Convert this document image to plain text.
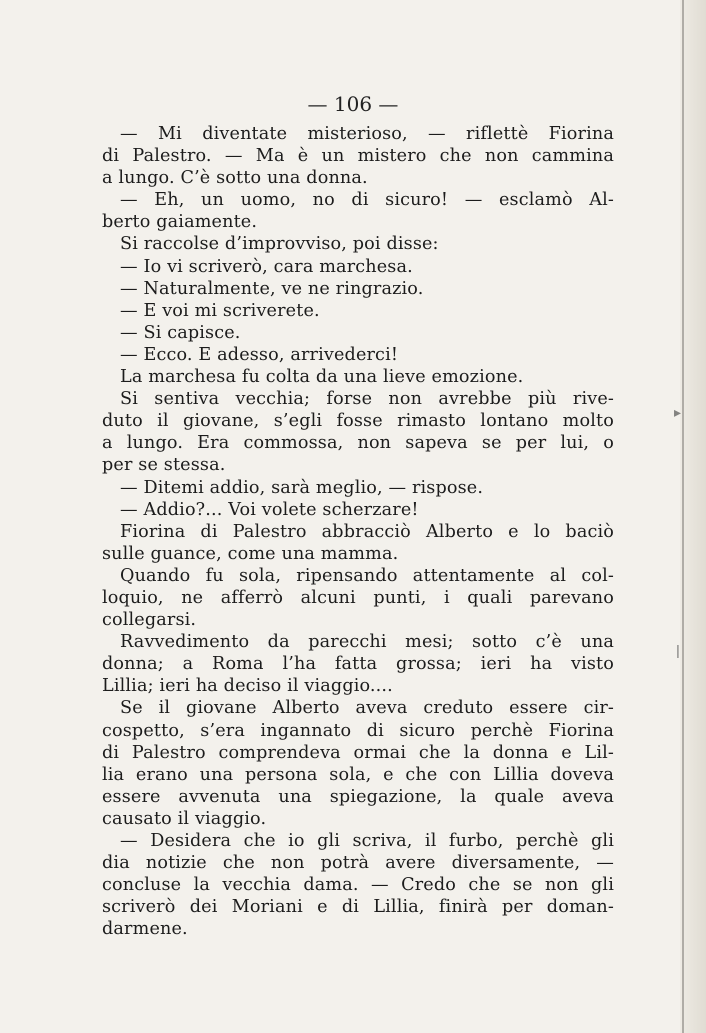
— 106 —

— Mi diventate misterioso, — riflettè Fiorina
di Palestro. — Ma è un mistero che non cammina
a lungo. C’è sotto una donna.
— Eh, un uomo, no di sicuro! — esclamò Al-
berto gaiamente.
Si raccolse d’improvviso, poi disse:
— Io vi scriverò, cara marchesa.
— Naturalmente, ve ne ringrazio.
— E voi mi scriverete.
— Si capisce.
— Ecco. E adesso, arrivederci!
La marchesa fu colta da una lieve emozione.
Si sentiva vecchia; forse non avrebbe più rive-
duto il giovane, s’egli fosse rimasto lontano molto
a lungo. Era commossa, non sapeva se per lui, o
per se stessa.
— Ditemi addio, sarà meglio, — rispose.
— Addio?... Voi volete scherzare!
Fiorina di Palestro abbracciò Alberto e lo baciò
sulle guance, come una mamma.
Quando fu sola, ripensando attentamente al col-
loquio, ne afferrò alcuni punti, i quali parevano
collegarsi.
Ravvedimento da parecchi mesi; sotto c’è una
donna; a Roma l’ha fatta grossa; ieri ha visto
Lillia; ieri ha deciso il viaggio....
Se il giovane Alberto aveva creduto essere cir-
cospetto, s’era ingannato di sicuro perchè Fiorina
di Palestro comprendeva ormai che la donna e Lil-
lia erano una persona sola, e che con Lillia doveva
essere avvenuta una spiegazione, la quale aveva
causato il viaggio.
— Desidera che io gli scriva, il furbo, perchè gli
dia notizie che non potrà avere diversamente, —
concluse la vecchia dama. — Credo che se non gli
scriverò dei Moriani e di Lillia, finirà per doman-
darmene.
▸
ǀ
